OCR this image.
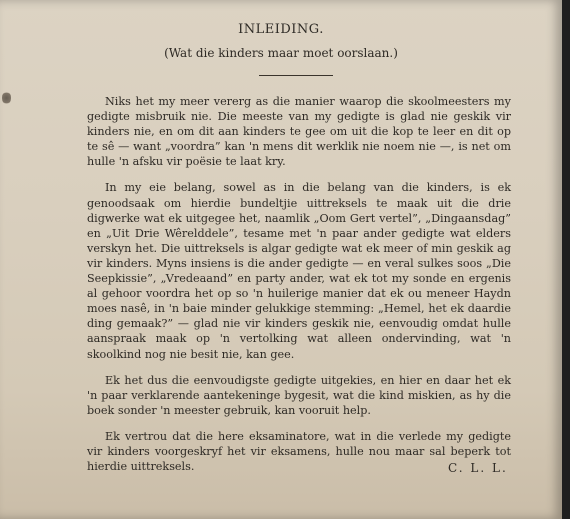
INLEIDING.
(Wat die kinders maar moet oorslaan.)

Niks het my meer vererg as die manier waarop die skoolmeesters my gedigte misbruik nie. Die meeste van my gedigte is glad nie geskik vir kinders nie, en om dit aan kinders te gee om uit die kop te leer en dit op te sê — want „voordra” kan 'n mens dit werklik nie noem nie —, is net om hulle 'n afsku vir poësie te laat kry.

In my eie belang, sowel as in die belang van die kinders, is ek genoodsaak om hierdie bundeltjie uittreksels te maak uit die drie digwerke wat ek uitgegee het, naamlik „Oom Gert vertel”, „Dingaansdag” en „Uit Drie Wêrelddele”, tesame met 'n paar ander gedigte wat elders verskyn het. Die uittreksels is algar gedigte wat ek meer of min geskik ag vir kinders. Myns insiens is die ander gedigte — en veral sulkes soos „Die Seepkissie”, „Vredeaand” en party ander, wat ek tot my sonde en ergenis al gehoor voordra het op so 'n huilerige manier dat ek ou meneer Haydn moes nasê, in 'n baie minder gelukkige stemming: „Hemel, het ek daardie ding gemaak?” — glad nie vir kinders geskik nie, eenvoudig omdat hulle aanspraak maak op 'n vertolking wat alleen ondervinding, wat 'n skoolkind nog nie besit nie, kan gee.

Ek het dus die eenvoudigste gedigte uitgekies, en hier en daar het ek 'n paar verklarende aantekeninge bygesit, wat die kind miskien, as hy die boek sonder 'n meester gebruik, kan vooruit help.

Ek vertrou dat die here eksaminatore, wat in die verlede my gedigte vir kinders voorgeskryf het vir eksamens, hulle nou maar sal beperk tot hierdie uittreksels.	C. L. L.
